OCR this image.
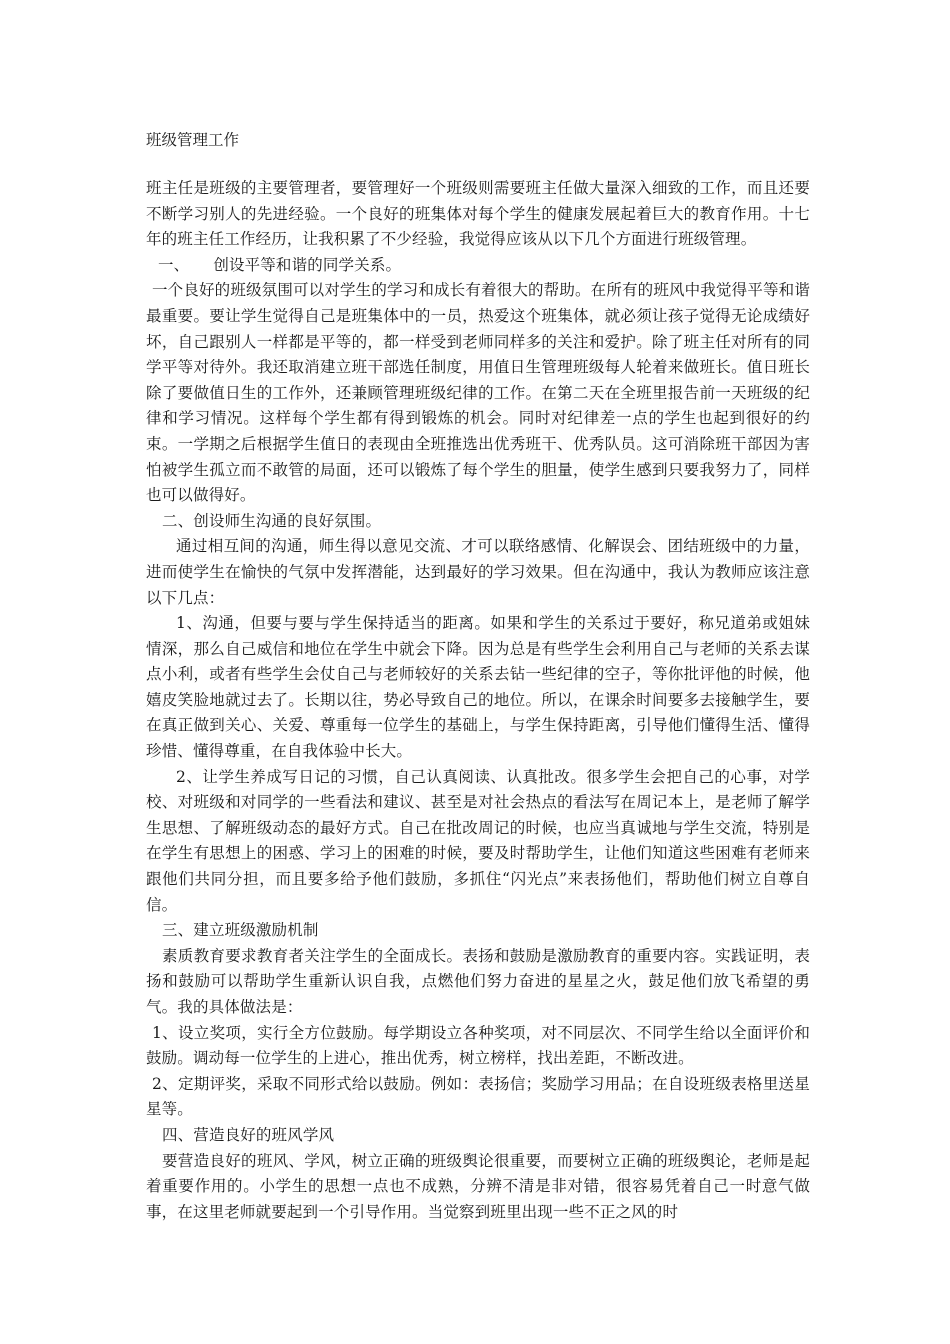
班级管理工作

班主任是班级的主要管理者，要管理好一个班级则需要班主任做大量深入细致的工作，而且还要不断学习别人的先进经验。一个良好的班集体对每个学生的健康发展起着巨大的教育作用。十七年的班主任工作经历，让我积累了不少经验，我觉得应该从以下几个方面进行班级管理。

一、 创设平等和谐的同学关系。

一个良好的班级氛围可以对学生的学习和成长有着很大的帮助。在所有的班风中我觉得平等和谐最重要。要让学生觉得自己是班集体中的一员，热爱这个班集体，就必须让孩子觉得无论成绩好坏，自己跟别人一样都是平等的，都一样受到老师同样多的关注和爱护。除了班主任对所有的同学平等对待外。我还取消建立班干部选任制度，用值日生管理班级每人轮着来做班长。值日班长除了要做值日生的工作外，还兼顾管理班级纪律的工作。在第二天在全班里报告前一天班级的纪律和学习情况。这样每个学生都有得到锻炼的机会。同时对纪律差一点的学生也起到很好的约束。一学期之后根据学生值日的表现由全班推选出优秀班干、优秀队员。这可消除班干部因为害怕被学生孤立而不敢管的局面，还可以锻炼了每个学生的胆量，使学生感到只要我努力了，同样也可以做得好。

二、创设师生沟通的良好氛围。

通过相互间的沟通，师生得以意见交流、才可以联络感情、化解误会、团结班级中的力量，进而使学生在愉快的气氛中发挥潜能，达到最好的学习效果。但在沟通中，我认为教师应该注意以下几点：

1、沟通，但要与要与学生保持适当的距离。如果和学生的关系过于要好，称兄道弟或姐妹情深，那么自己威信和地位在学生中就会下降。因为总是有些学生会利用自己与老师的关系去谋点小利，或者有些学生会仗自己与老师较好的关系去钻一些纪律的空子，等你批评他的时候，他嬉皮笑脸地就过去了。长期以往，势必导致自己的地位。所以，在课余时间要多去接触学生，要在真正做到关心、关爱、尊重每一位学生的基础上，与学生保持距离，引导他们懂得生活、懂得珍惜、懂得尊重，在自我体验中长大。

2、让学生养成写日记的习惯，自己认真阅读、认真批改。很多学生会把自己的心事，对学校、对班级和对同学的一些看法和建议、甚至是对社会热点的看法写在周记本上，是老师了解学生思想、了解班级动态的最好方式。自己在批改周记的时候，也应当真诚地与学生交流，特别是在学生有思想上的困惑、学习上的困难的时候，要及时帮助学生，让他们知道这些困难有老师来跟他们共同分担，而且要多给予他们鼓励，多抓住“闪光点”来表扬他们，帮助他们树立自尊自信。

三、建立班级激励机制

素质教育要求教育者关注学生的全面成长。表扬和鼓励是激励教育的重要内容。实践证明，表扬和鼓励可以帮助学生重新认识自我，点燃他们努力奋进的星星之火，鼓足他们放飞希望的勇气。我的具体做法是：

1、设立奖项，实行全方位鼓励。每学期设立各种奖项，对不同层次、不同学生给以全面评价和鼓励。调动每一位学生的上进心，推出优秀，树立榜样，找出差距，不断改进。

2、定期评奖，采取不同形式给以鼓励。例如：表扬信；奖励学习用品；在自设班级表格里送星星等。

四、营造良好的班风学风

要营造良好的班风、学风，树立正确的班级舆论很重要，而要树立正确的班级舆论，老师是起着重要作用的。小学生的思想一点也不成熟，分辨不清是非对错，很容易凭着自己一时意气做事，在这里老师就要起到一个引导作用。当觉察到班里出现一些不正之风的时
